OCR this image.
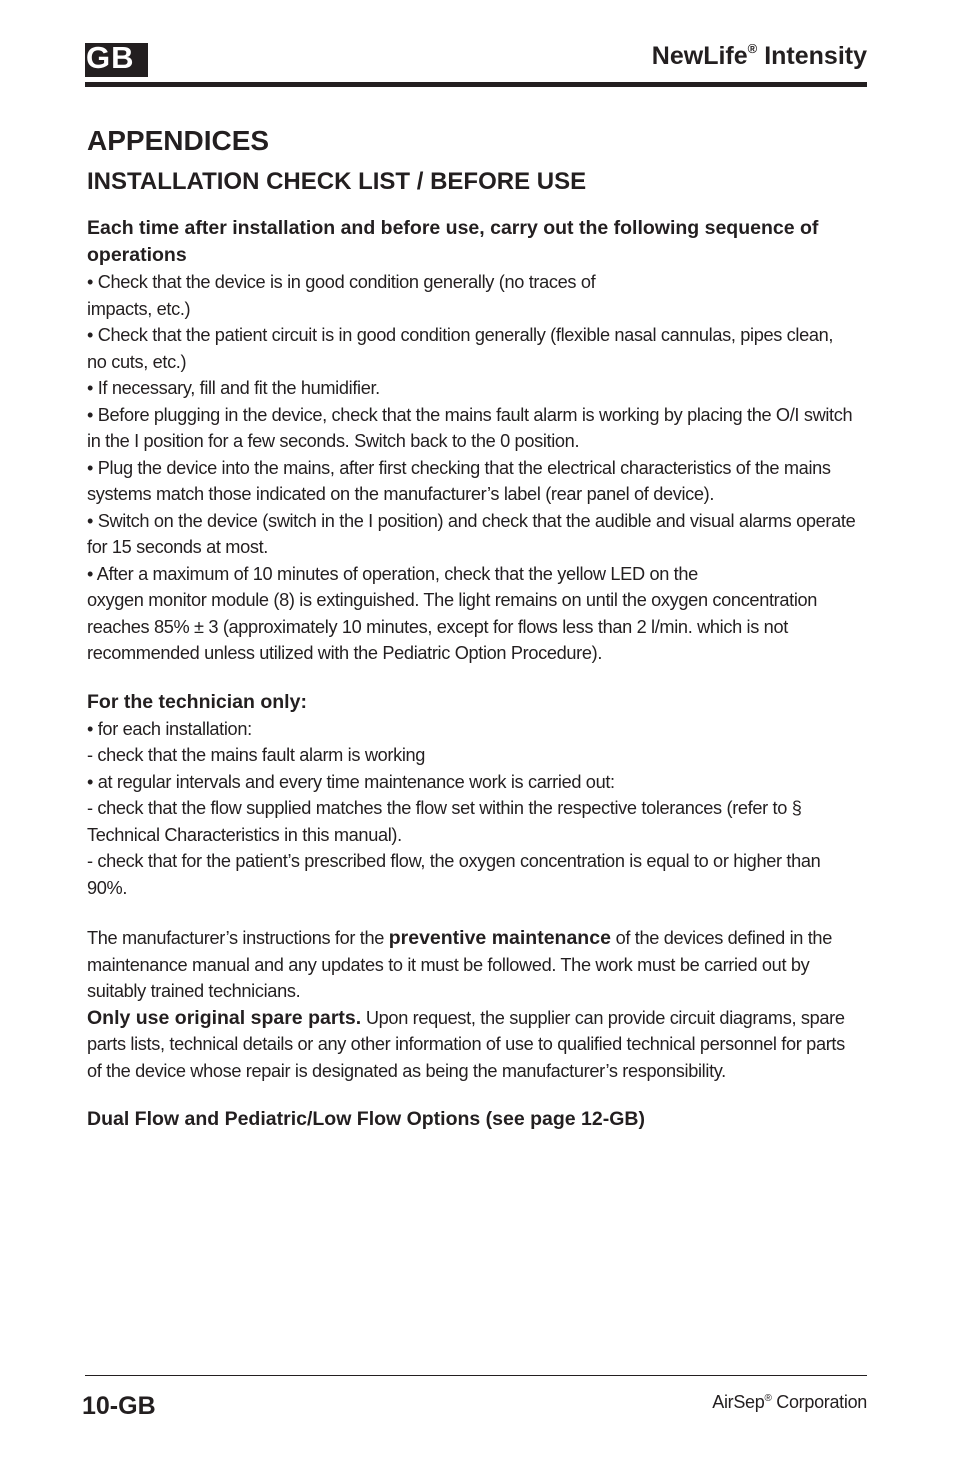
GB	NewLife® Intensity
APPENDICES
INSTALLATION CHECK LIST / BEFORE USE

Each time after installation and before use, carry out the following sequence of operations

• Check that the device is in good condition generally (no traces of

impacts, etc.)

• Check that the patient circuit is in good condition generally (flexible nasal cannulas, pipes clean, no cuts, etc.)

• If necessary, fill and fit the humidifier.

• Before plugging in the device, check that the mains fault alarm is working by placing the O/I switch in the I position for a few seconds. Switch back to the 0 position.

• Plug the device into the mains, after first checking that the electrical characteristics of the mains systems match those indicated on the manufacturer’s label (rear panel of device).

• Switch on the device (switch in the I position) and check that the audible and visual alarms operate for 15 seconds at most.

• After a maximum of 10 minutes of operation, check that the yellow LED on the

oxygen monitor module (8) is extinguished. The light remains on until the oxygen concentration reaches 85% ± 3 (approximately 10 minutes, except for flows less than 2 l/min. which is not recommended unless utilized with the Pediatric Option Procedure).

For the technician only:

• for each installation:

- check that the mains fault alarm is working

• at regular intervals and every time maintenance work is carried out:

- check that the flow supplied matches the flow set within the respective tolerances (refer to § Technical Characteristics in this manual).

- check that for the patient’s prescribed flow, the oxygen concentration is equal to or higher than 90%.

The manufacturer’s instructions for the preventive maintenance of the devices defined in the maintenance manual and any updates to it must be followed. The work must be carried out by suitably trained technicians.

Only use original spare parts. Upon request, the supplier can provide circuit diagrams, spare parts lists, technical details or any other information of use to qualified technical personnel for parts of the device whose repair is designated as being the manufacturer’s responsibility.

Dual Flow and Pediatric/Low Flow Options (see page 12-GB)

10-GB	AirSep® Corporation
